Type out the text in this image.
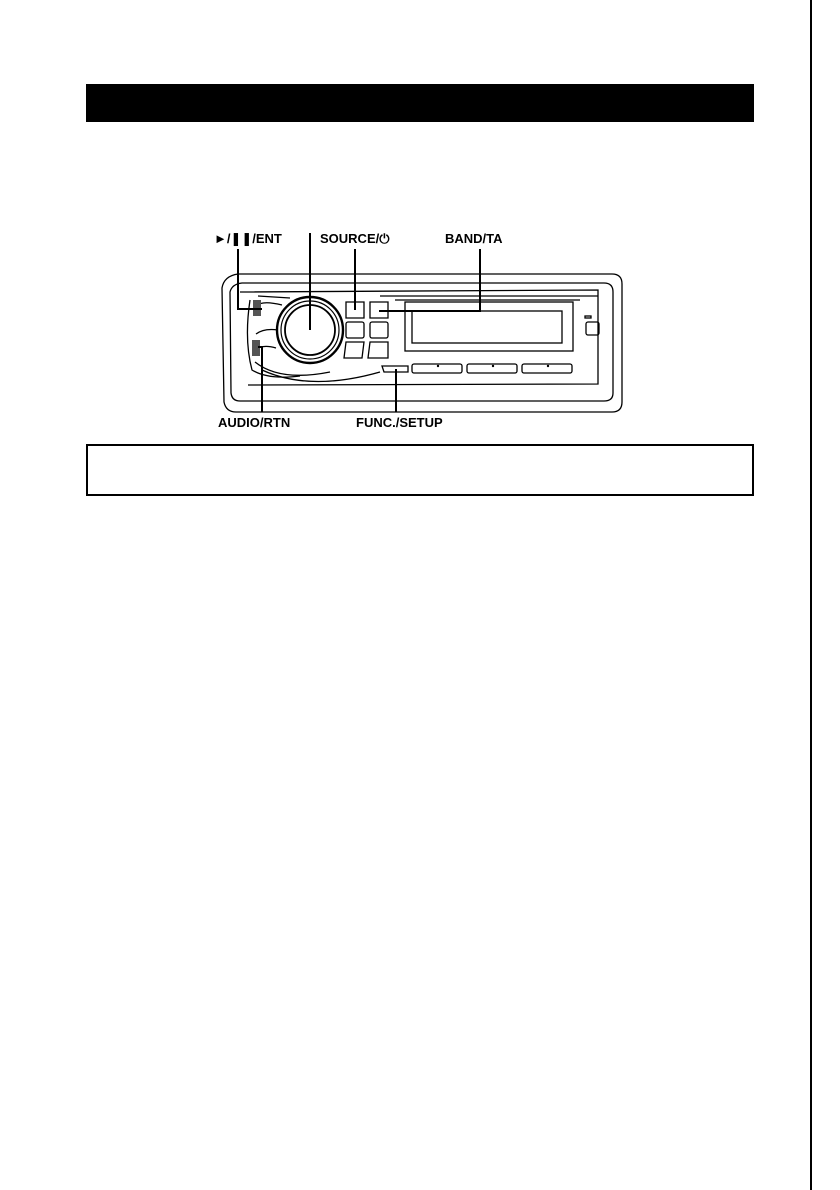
►/❚❚/ENT	SOURCE/⏻	BAND/TA
AUDIO/RTN	FUNC./SETUP
